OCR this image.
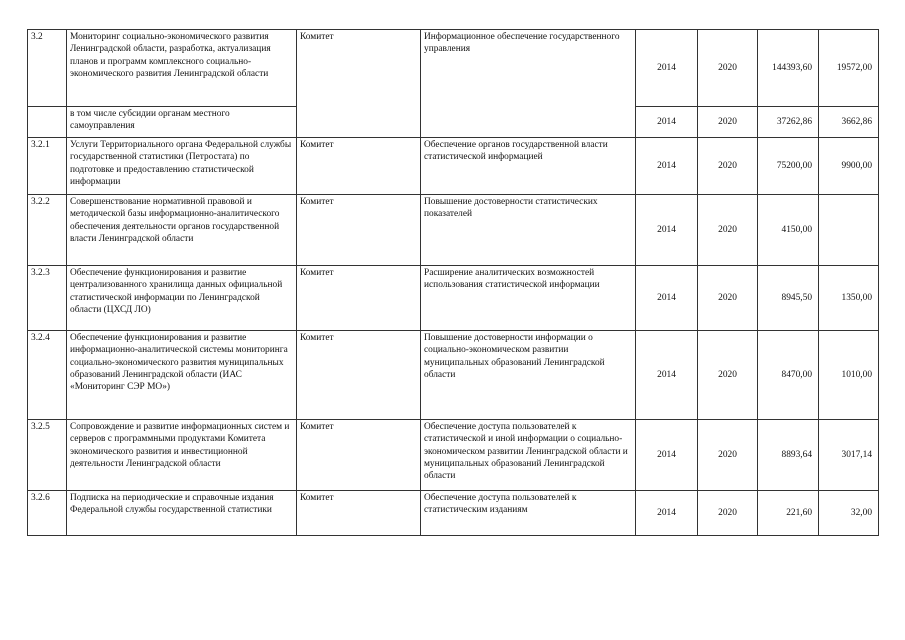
3.2	Мониторинг социально-экономического развития Ленинградской области, разработка, актуализация планов и программ комплексного социально-экономического развития Ленинградской области	Комитет	Информационное обеспечение государственного управления	2014	2020	144393,60	19572,00
	в том числе субсидии органам местного самоуправления			2014	2020	37262,86	3662,86
3.2.1	Услуги Территориального органа Федеральной службы государственной статистики (Петростата) по подготовке и предоставлению статистической информации	Комитет	Обеспечение органов государственной власти статистической информацией	2014	2020	75200,00	9900,00
3.2.2	Совершенствование нормативной правовой и методической базы информационно-аналитического обеспечения деятельности органов государственной власти Ленинградской области	Комитет	Повышение достоверности статистических показателей	2014	2020	4150,00	
3.2.3	Обеспечение функционирования и развитие централизованного хранилища данных официальной статистической информации по Ленинградской области (ЦХСД ЛО)	Комитет	Расширение аналитических возможностей использования статистической информации	2014	2020	8945,50	1350,00
3.2.4	Обеспечение функционирования и развитие информационно-аналитической системы мониторинга социально-экономического развития муниципальных образований Ленинградской области (ИАС «Мониторинг СЭР МО»)	Комитет	Повышение достоверности информации о социально-экономическом развитии муниципальных образований Ленинградской области	2014	2020	8470,00	1010,00
3.2.5	Сопровождение и развитие информационных систем и серверов с программными продуктами Комитета экономического развития и инвестиционной деятельности Ленинградской области	Комитет	Обеспечение доступа пользователей к статистической и иной информации о социально-экономическом развитии Ленинградской области и муниципальных образований Ленинградской области	2014	2020	8893,64	3017,14
3.2.6	Подписка на периодические и справочные издания Федеральной службы государственной статистики	Комитет	Обеспечение доступа пользователей к статистическим изданиям	2014	2020	221,60	32,00
